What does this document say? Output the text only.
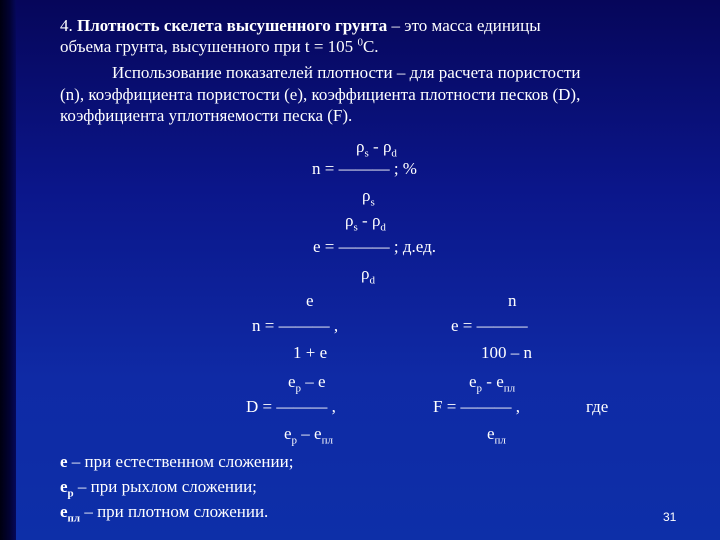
4. Плотность скелета высушенного грунта – это масса единицы
объема грунта, высушенного при t = 105 $^0$С.
Использование показателей плотности – для расчета пористости
(n), коэффициента пористости (е), коэффициента плотности песков (D),
коэффициента уплотняемости песка (F).
$\rho_s - \rho_d$
n = ――― ; %
$\rho_s$
$\rho_s - \rho_d$
е = ――― ; д.ед.
$\rho_d$
е
n = ――― ,
1 + е
n
е = ―――
100 – n
$е_p$ – е
D = ――― ,
$е_p - е_{пл}$
$е_p - е_{пл}$
F = ――― ,	где
$е_{пл}$
е – при естественном сложении;
$е_p$ – при рыхлом сложении;
$е_{пл}$ – при плотном сложении.	31
